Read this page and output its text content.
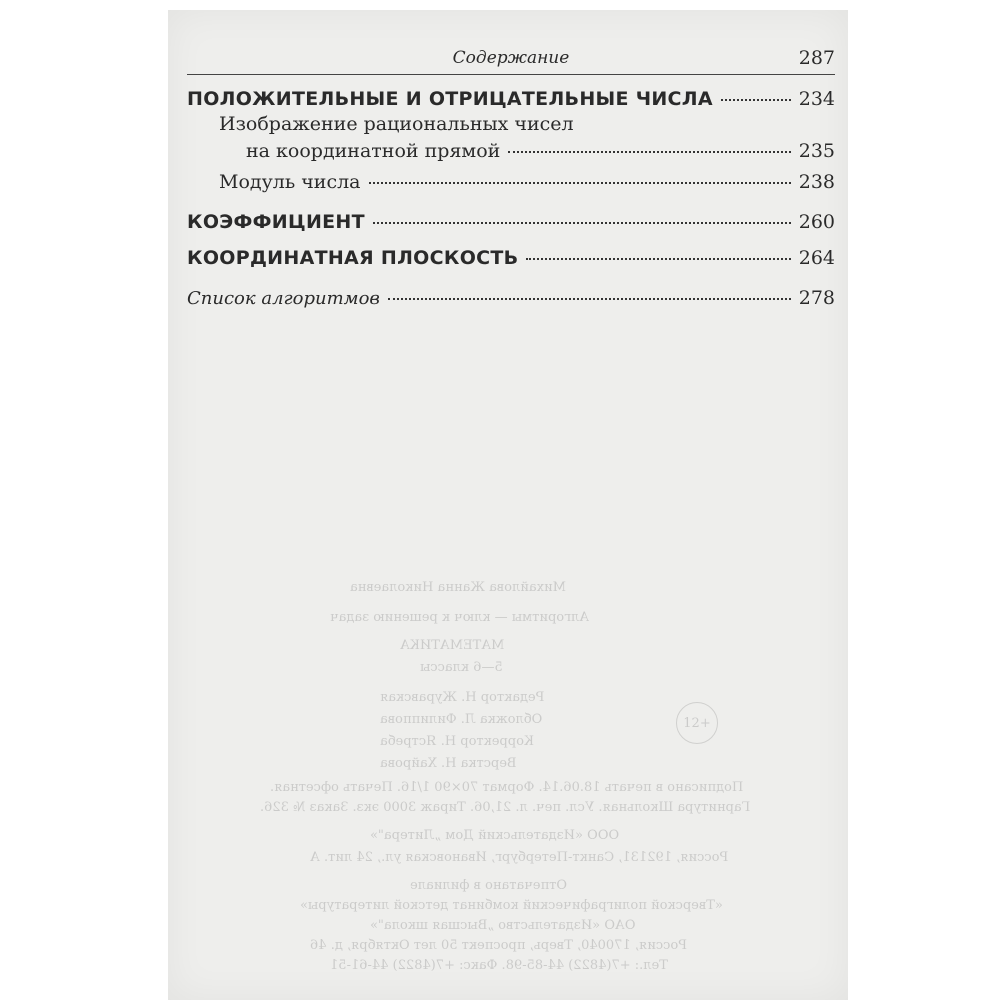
Содержание	287
Михайлова Жанна Николаевна
Алгоритмы — ключ к решению задач
МАТЕМАТИКА
5—6 классы
Редактор Н. Журавская
Обложка Л. Филиппова
Корректор Н. Ястреба
Верстка Н. Хайрова
Подписано в печать 18.06.14. Формат 70×90 1/16. Печать офсетная.
Гарнитура Школьная. Усл. печ. л. 21,06. Тираж 3000 экз. Заказ № 326.
ООО «Издательский Дом „Литера"»
Россия, 192131, Санкт-Петербург, Ивановская ул., 24 лит. А
Отпечатано в филиале
«Тверской полиграфический комбинат детской литературы»
ОАО «Издательство „Высшая школа"»
Россия, 170040, Тверь, проспект 50 лет Октября, д. 46
Тел.: +7(4822) 44-85-98. Факс: +7(4822) 44-61-51
12+
ПОЛОЖИТЕЛЬНЫЕ И ОТРИЦАТЕЛЬНЫЕ ЧИСЛА	234
Изображение рациональных чисел
на координатной прямой	235
Модуль числа	238
КОЭФФИЦИЕНТ	260
КООРДИНАТНАЯ ПЛОСКОСТЬ	264
Список алгоритмов	278
